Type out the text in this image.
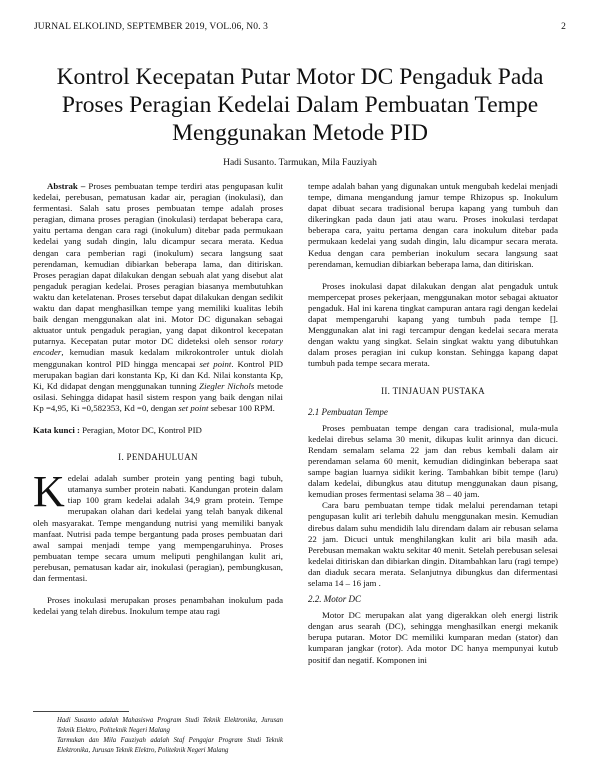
JURNAL ELKOLIND, SEPTEMBER 2019, VOL.06, N0. 3	2
Kontrol Kecepatan Putar Motor DC Pengaduk Pada Proses Peragian Kedelai Dalam Pembuatan Tempe Menggunakan Metode PID
Hadi Susanto. Tarmukan, Mila Fauziyah

Abstrak – Proses pembuatan tempe terdiri atas pengupasan kulit kedelai, perebusan, pematusan kadar air, peragian (inokulasi), dan fermentasi. Salah satu proses pembuatan tempe adalah proses peragian, dimana proses peragian (inokulasi) terdapat beberapa cara, yaitu pertama dengan cara ragi (inokulum) ditebar pada permukaan kedelai yang sudah dingin, lalu dicampur secara merata. Kedua dengan cara pemberian ragi (inokulum) secara langsung saat perendaman, kemudian dibiarkan beberapa lama, dan ditiriskan. Proses peragian dapat dilakukan dengan sebuah alat yang disebut alat pengaduk peragian kedelai. Proses peragian biasanya membutuhkan waktu dan ketelatenan. Proses tersebut dapat dilakukan dengan sedikit waktu dan dapat menghasilkan tempe yang memiliki kualitas lebih baik dengan menggunakan alat ini. Motor DC digunakan sebagai aktuator untuk pengaduk peragian, yang dapat dikontrol kecepatan putarnya. Kecepatan putar motor DC dideteksi oleh sensor rotary encoder, kemudian masuk kedalam mikrokontroler untuk diolah menggunakan kontrol PID hingga mencapai set point. Kontrol PID merupakan bagian dari konstanta Kp, Ki dan Kd. Nilai konstanta Kp, Ki, Kd didapat dengan menggunakan tunning Ziegler Nichols metode osilasi. Sehingga didapat hasil sistem respon yang baik dengan nilai Kp =4,95, Ki =0,582353, Kd =0, dengan set point sebesar 100 RPM.

Kata kunci : Peragian, Motor DC, Kontrol PID

I. PENDAHULUAN
K edelai adalah sumber protein yang penting bagi tubuh, utamanya sumber protein nabati. Kandungan protein dalam tiap 100 gram kedelai adalah 34,9 gram protein. Tempe merupakan olahan dari kedelai yang telah banyak dikenal oleh masyarakat. Tempe mengandung nutrisi yang memiliki banyak manfaat. Nutrisi pada tempe bergantung pada proses pembuatan dari awal sampai menjadi tempe yang mempengaruhinya. Proses pembuatan tempe secara umum meliputi penghilangan kulit ari, perebusan, pematusan kadar air, inokulasi (peragian), pembungkusan, dan fermentasi.

Proses inokulasi merupakan proses penambahan inokulum pada kedelai yang telah direbus. Inokulum tempe atau ragi

tempe adalah bahan yang digunakan untuk mengubah kedelai menjadi tempe, dimana mengandung jamur tempe Rhizopus sp. Inokulum dapat dibuat secara tradisional berupa kapang yang tumbuh dan dikeringkan pada daun jati atau waru. Proses inokulasi terdapat beberapa cara, yaitu pertama dengan cara inokulum ditebar pada permukaan kedelai yang sudah dingin, lalu dicampur secara merata. Kedua dengan cara pemberian inokulum secara langsung saat perendaman, kemudian dibiarkan beberapa lama, dan ditiriskan.

Proses inokulasi dapat dilakukan dengan alat pengaduk untuk mempercepat proses pekerjaan, menggunakan motor sebagai aktuator pengaduk. Hal ini karena tingkat campuran antara ragi dengan kedelai dapat mempengaruhi kapang yang tumbuh pada tempe []. Menggunakan alat ini ragi tercampur dengan kedelai secara merata dengan waktu yang singkat. Selain singkat waktu yang dibutuhkan dalam proses peragian ini cukup konstan. Sehingga kapang dapat tumbuh pada tempe secara merata.

II. TINJAUAN PUSTAKA
2.1 Pembuatan Tempe

Proses pembuatan tempe dengan cara tradisional, mula-mula kedelai direbus selama 30 menit, dikupas kulit arinnya dan dicuci. Rendam semalam selama 22 jam dan rebus kembali dalam air perendaman selama 60 menit, kemudian didinginkan beberapa saat sampe bagian luarnya sidikit kering. Tambahkan bibit tempe (laru) dalam kedelai, dibungkus atau ditutup menggunakan daun pisang, kemudian proses fermentasi selama 38 – 40 jam.

Cara baru pembuatan tempe tidak melalui perendaman tetapi pengupasan kulit ari terlebih dahulu menggunakan mesin. Kemudian direbus dalam suhu mendidih lalu direndam dalam air rebusan selama 22 jam. Dicuci untuk menghilangkan kulit ari bila masih ada. Perebusan memakan waktu sekitar 40 menit. Setelah perebusan selesai kedelai ditiriskan dan dibiarkan dingin. Ditambahkan laru (ragi tempe) dan diaduk secara merata. Selanjutnya dibungkus dan difermentasi selama 14 – 16 jam .

2.2. Motor DC

Motor DC merupakan alat yang digerakkan oleh energi listrik dengan arus searah (DC), sehingga menghasilkan energi mekanik berupa putaran. Motor DC memiliki kumparan medan (stator) dan kumparan jangkar (rotor). Ada motor DC hanya mempunyai kutub positif dan negatif. Komponen ini

Hadi Susanto adalah Mahasiswa Program Studi Teknik Elektronika, Jurusan Teknik Elektro, Politeknik Negeri Malang
Tarmukan dan Mila Fauziyah adalah Staf Pengajar Program Studi Teknik Elektronika, Jurusan Teknik Elektro, Politeknik Negeri Malang
